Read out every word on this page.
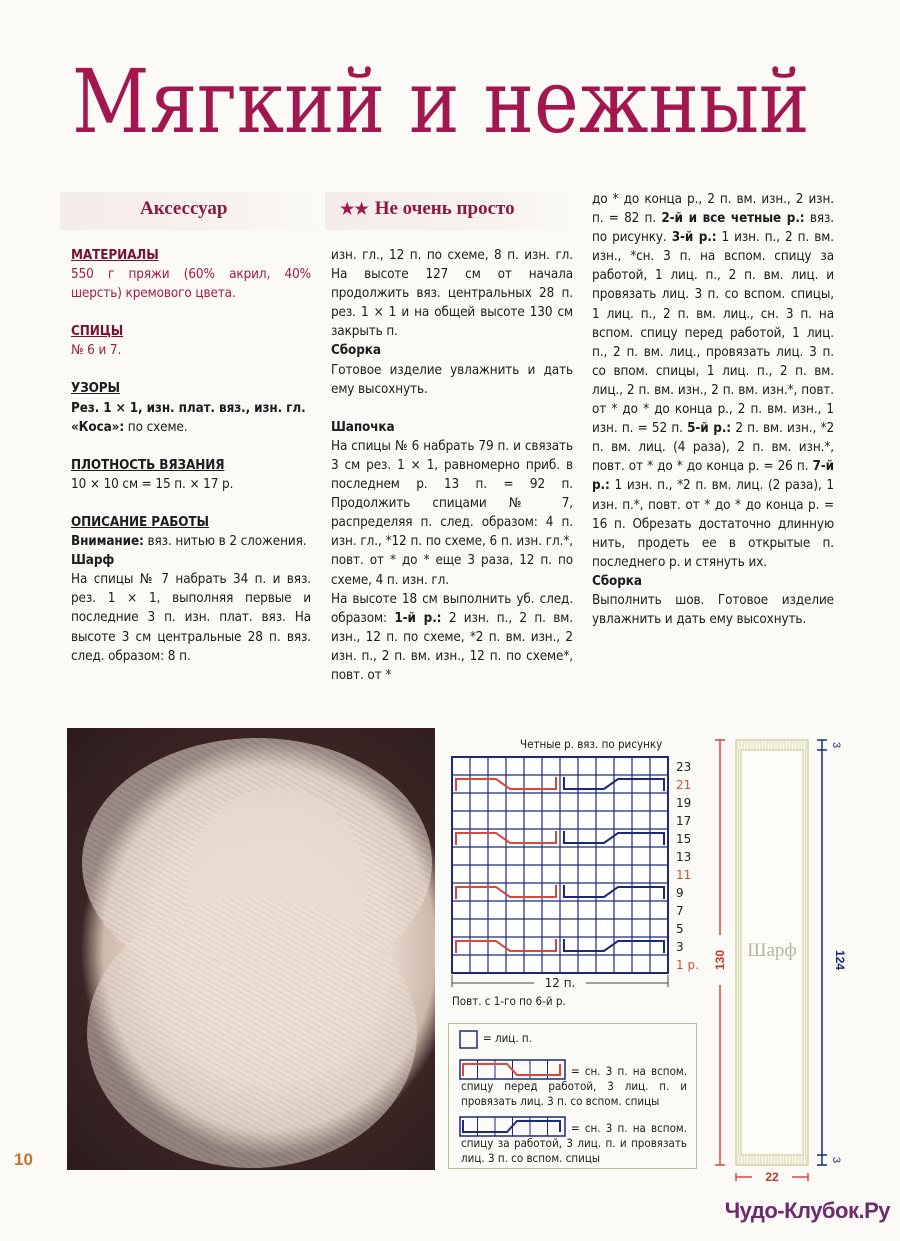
Мягкий и нежный
Аксессуар	★★ Не очень просто

МАТЕРИАЛЫ

550 г пряжи (60% акрил, 40% шерсть) кремового цвета.

СПИЦЫ

№ 6 и 7.

УЗОРЫ

Рез. 1 × 1, изн. плат. вяз., изн. гл.

«Коса»: по схеме.

ПЛОТНОСТЬ ВЯЗАНИЯ

10 × 10 см = 15 п. × 17 р.

ОПИСАНИЕ РАБОТЫ

Внимание: вяз. нитью в 2 сложения.

Шарф

На спицы № 7 набрать 34 п. и вяз. рез. 1 × 1, выполняя первые и последние 3 п. изн. плат. вяз. На высоте 3 см центральные 28 п. вяз. след. образом: 8 п.

изн. гл., 12 п. по схеме, 8 п. изн. гл. На высоте 127 см от начала продолжить вяз. центральных 28 п. рез. 1 × 1 и на общей высоте 130 см закрыть п.

Сборка

Готовое изделие увлажнить и дать ему высохнуть.

Шапочка

На спицы № 6 набрать 79 п. и связать 3 см рез. 1 × 1, равномерно приб. в последнем р. 13 п. = 92 п. Продолжить спицами № 7, распределяя п. след. образом: 4 п. изн. гл., *12 п. по схеме, 6 п. изн. гл.*, повт. от * до * еще 3 раза, 12 п. по схеме, 4 п. изн. гл.

На высоте 18 см выполнить уб. след. образом: 1-й р.: 2 изн. п., 2 п. вм. изн., 12 п. по схеме, *2 п. вм. изн., 2 изн. п., 2 п. вм. изн., 12 п. по схеме*, повт. от *

до * до конца р., 2 п. вм. изн., 2 изн. п. = 82 п. 2-й и все четные р.: вяз. по рисунку. 3-й р.: 1 изн. п., 2 п. вм. изн., *сн. 3 п. на вспом. спицу за работой, 1 лиц. п., 2 п. вм. лиц. и провязать лиц. 3 п. со вспом. спицы, 1 лиц. п., 2 п. вм. лиц., сн. 3 п. на вспом. спицу перед работой, 1 лиц. п., 2 п. вм. лиц., провязать лиц. 3 п. со впом. спицы, 1 лиц. п., 2 п. вм. лиц., 2 п. вм. изн., 2 п. вм. изн.*, повт. от * до * до конца р., 2 п. вм. изн., 1 изн. п. = 52 п. 5-й р.: 2 п. вм. изн., *2 п. вм. лиц. (4 раза), 2 п. вм. изн.*, повт. от * до * до конца р. = 26 п. 7-й р.: 1 изн. п., *2 п. вм. лиц. (2 раза), 1 изн. п.*, повт. от * до * до конца р. = 16 п. Обрезать достаточно длинную нить, продеть ее в открытые п. последнего р. и стянуть их.

Сборка

Выполнить шов. Готовое изделие увлажнить и дать ему высохнуть.

10
Четные р. вяз. по рисунку
23
21
19
17
15
13
11
9
7
5
3
1 р.
12 п.
Повт. с 1-го по 6-й р.
= лиц. п.
= сн. 3 п. на вспом. спицу перед работой, 3 лиц. п. и провязать лиц. 3 п. со вспом. спицы
= сн. 3 п. на вспом. спицу за работой, 3 лиц. п. и провязать лиц. 3 п. со вспом. спицы
130	124
3
3
Шарф
22
Чудо-Клубок.Ру
